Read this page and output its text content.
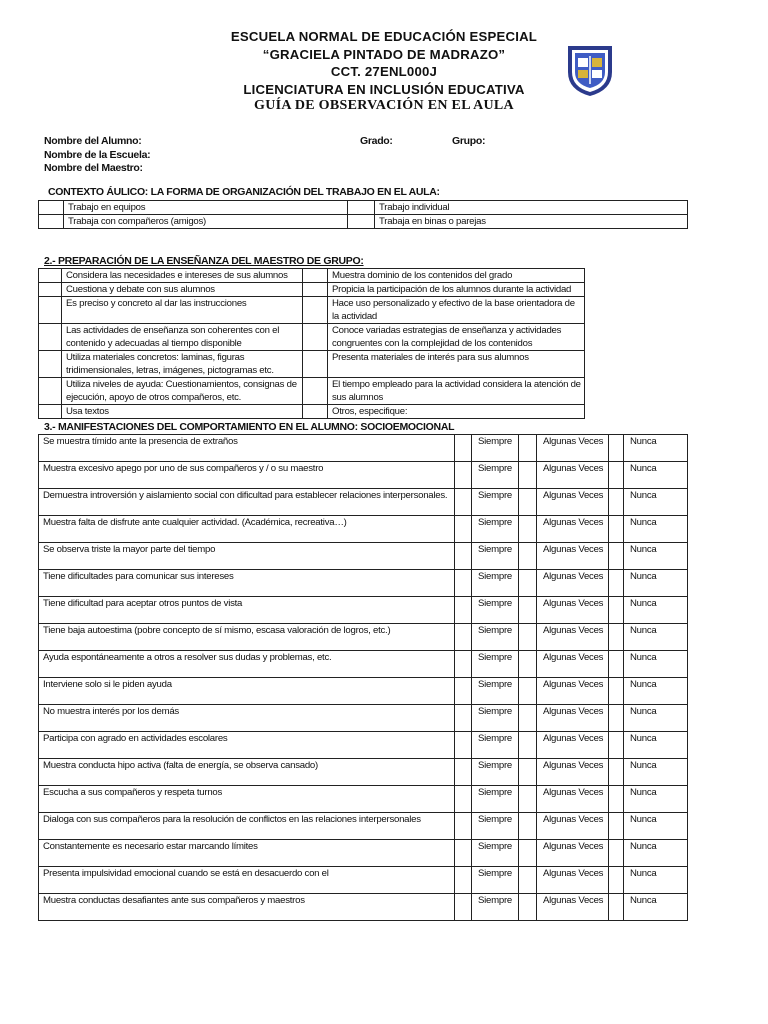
ESCUELA NORMAL DE EDUCACIÓN ESPECIAL
“GRACIELA PINTADO DE MADRAZO”
CCT. 27ENL000J
LICENCIATURA EN INCLUSIÓN EDUCATIVA
GUÍA DE OBSERVACIÓN EN EL AULA
Nombre del Alumno:	Grado:	Grupo:
Nombre de la Escuela:
Nombre del Maestro:
CONTEXTO ÁULICO: LA FORMA DE ORGANIZACIÓN DEL TRABAJO EN EL AULA:
	Trabajo en equipos		Trabajo individual
	Trabaja con compañeros (amigos)		Trabaja en binas o parejas
2.- PREPARACIÓN DE LA ENSEÑANZA DEL MAESTRO DE GRUPO:
	Considera las necesidades e intereses de sus alumnos		Muestra dominio de los contenidos del grado
	Cuestiona y debate con sus alumnos		Propicia la participación de los alumnos durante la actividad
	Es preciso y concreto al dar las instrucciones		Hace uso personalizado y efectivo de la base orientadora de la actividad
	Las actividades de enseñanza son coherentes con el contenido y adecuadas al tiempo disponible		Conoce variadas estrategias de enseñanza y actividades congruentes con la complejidad de los contenidos
	Utiliza materiales concretos: laminas, figuras tridimensionales, letras, imágenes, pictogramas etc.		Presenta materiales de interés para sus alumnos
	Utiliza niveles de ayuda: Cuestionamientos, consignas de ejecución, apoyo de otros compañeros, etc.		El tiempo empleado para la actividad considera la atención de sus alumnos
	Usa textos		Otros, especifique:
3.- MANIFESTACIONES DEL COMPORTAMIENTO EN EL ALUMNO: SOCIOEMOCIONAL
Se muestra tímido ante la presencia de extraños		Siempre		Algunas Veces		Nunca
Muestra excesivo apego por uno de sus compañeros y / o su maestro		Siempre		Algunas Veces		Nunca
Demuestra introversión y aislamiento social con dificultad para establecer relaciones interpersonales.		Siempre		Algunas Veces		Nunca
Muestra falta de disfrute ante cualquier actividad. (Académica, recreativa…)		Siempre		Algunas Veces		Nunca
Se observa triste la mayor parte del tiempo		Siempre		Algunas Veces		Nunca
Tiene dificultades para comunicar sus intereses		Siempre		Algunas Veces		Nunca
Tiene dificultad para aceptar otros puntos de vista		Siempre		Algunas Veces		Nunca
Tiene baja autoestima (pobre concepto de sí mismo, escasa valoración de logros, etc.)		Siempre		Algunas Veces		Nunca
Ayuda espontáneamente a otros a resolver sus dudas y problemas, etc.		Siempre		Algunas Veces		Nunca
Interviene solo si le piden ayuda		Siempre		Algunas Veces		Nunca
No muestra interés por los demás		Siempre		Algunas Veces		Nunca
Participa con agrado en actividades escolares		Siempre		Algunas Veces		Nunca
Muestra conducta hipo activa (falta de energía, se observa cansado)		Siempre		Algunas Veces		Nunca
Escucha a sus compañeros y respeta turnos		Siempre		Algunas Veces		Nunca
Dialoga con sus compañeros para la resolución de conflictos en las relaciones interpersonales		Siempre		Algunas Veces		Nunca
Constantemente es necesario estar marcando límites		Siempre		Algunas Veces		Nunca
Presenta impulsividad emocional cuando se está en desacuerdo con el		Siempre		Algunas Veces		Nunca
Muestra conductas desafiantes ante sus compañeros y maestros		Siempre		Algunas Veces		Nunca
